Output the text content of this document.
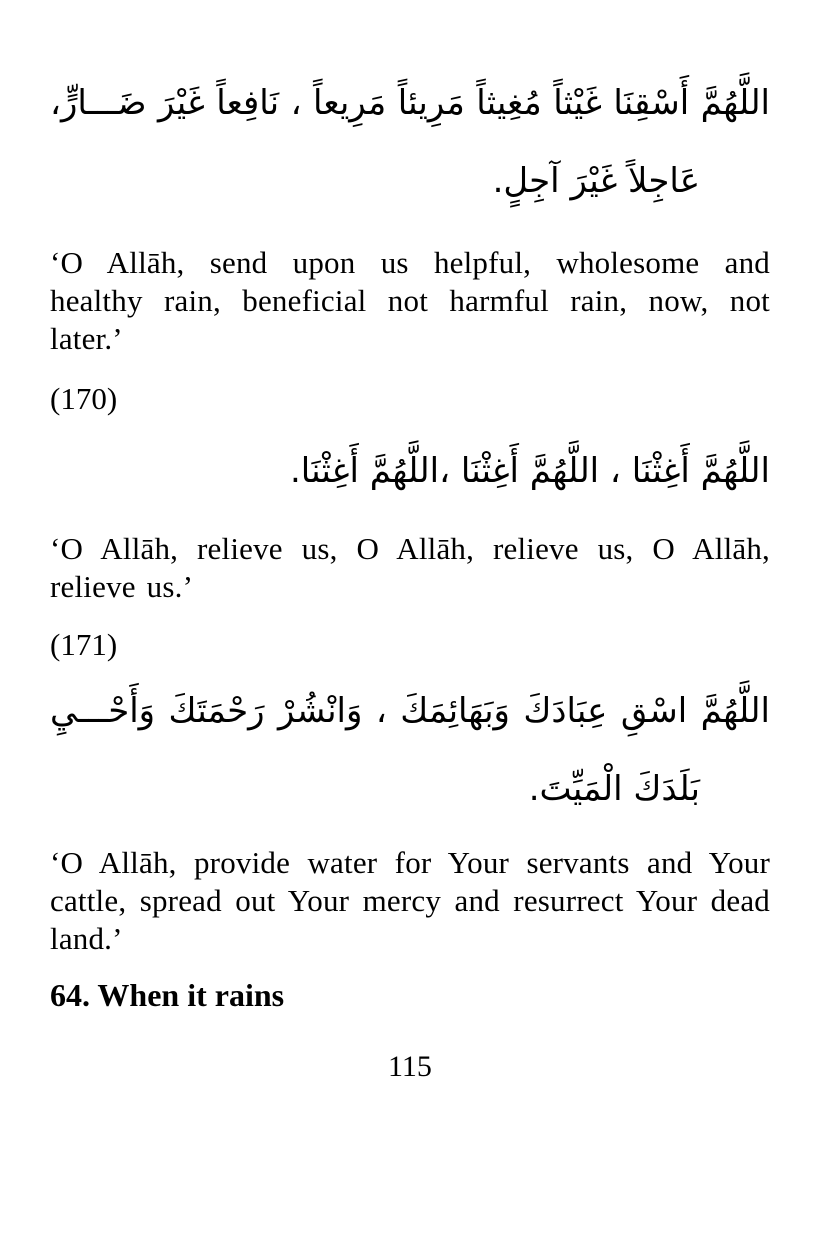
اللَّهُمَّ أَسْقِنَا غَيْثاً مُغِيثاً مَرِيئاً مَرِيعاً ، نَافِعاً غَيْرَ ضَـــارٍّ،
عَاجِلاً غَيْرَ آجِلٍ.

‘O Allāh, send upon us helpful, wholesome and healthy rain, beneficial not harmful rain, now, not later.’

(170)

اللَّهُمَّ أَغِثْنَا ، اللَّهُمَّ أَغِثْنَا ،اللَّهُمَّ أَغِثْنَا.

‘O Allāh, relieve us, O Allāh, relieve us, O Allāh, relieve us.’

(171)

اللَّهُمَّ اسْقِ عِبَادَكَ وَبَهَائِمَكَ ، وَانْشُرْ رَحْمَتَكَ وَأَحْـــيِ
بَلَدَكَ الْمَيِّتَ.

‘O Allāh, provide water for Your servants and Your cattle, spread out Your mercy and resurrect Your dead land.’

64. When it rains

115
